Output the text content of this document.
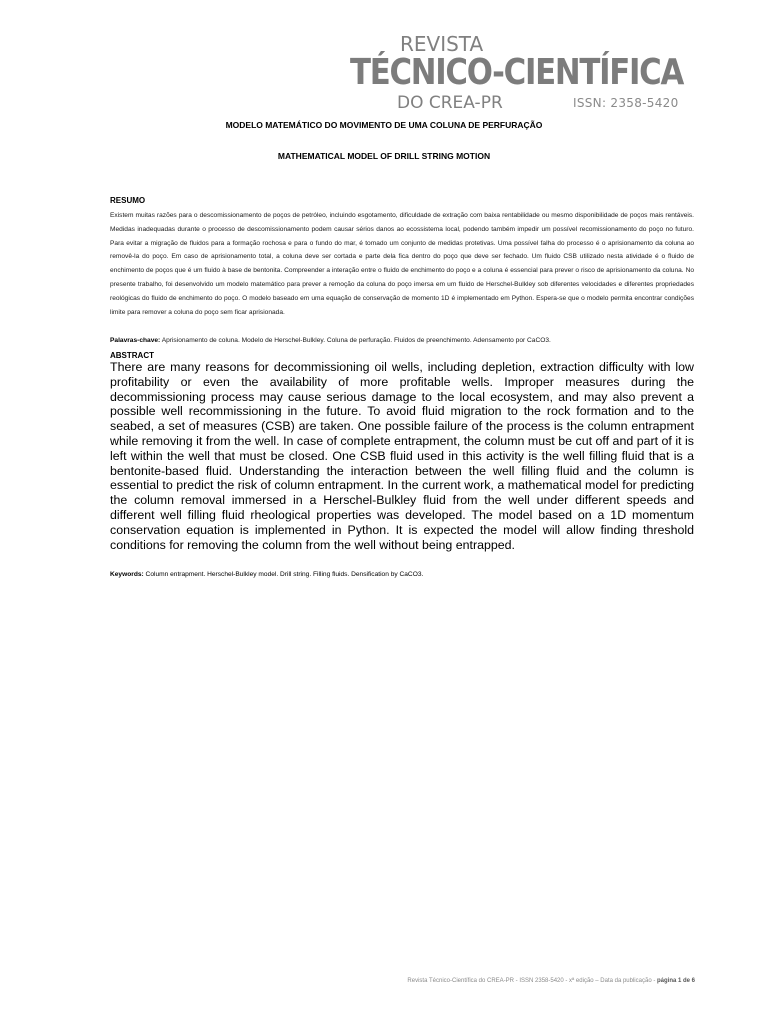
REVISTA
TÉCNICO-CIENTÍFICA
DO CREA-PR	ISSN: 2358-5420
MODELO MATEMÁTICO DO MOVIMENTO DE UMA COLUNA DE PERFURAÇÃO
MATHEMATICAL MODEL OF DRILL STRING MOTION
RESUMO
Existem muitas razões para o descomissionamento de poços de petróleo, incluindo esgotamento, dificuldade de extração com baixa rentabilidade ou mesmo disponibilidade de poços mais rentáveis. Medidas inadequadas durante o processo de descomissionamento podem causar sérios danos ao ecossistema local, podendo também impedir um possível recomissionamento do poço no futuro. Para evitar a migração de fluidos para a formação rochosa e para o fundo do mar, é tomado um conjunto de medidas protetivas. Uma possível falha do processo é o aprisionamento da coluna ao removê-la do poço. Em caso de aprisionamento total, a coluna deve ser cortada e parte dela fica dentro do poço que deve ser fechado. Um fluido CSB utilizado nesta atividade é o fluido de enchimento de poços que é um fluido à base de bentonita. Compreender a interação entre o fluido de enchimento do poço e a coluna é essencial para prever o risco de aprisionamento da coluna. No presente trabalho, foi desenvolvido um modelo matemático para prever a remoção da coluna do poço imersa em um fluido de Herschel-Bulkley sob diferentes velocidades e diferentes propriedades reológicas do fluido de enchimento do poço. O modelo baseado em uma equação de conservação de momento 1D é implementado em Python. Espera-se que o modelo permita encontrar condições limite para remover a coluna do poço sem ficar aprisionada.
Palavras-chave: Aprisionamento de coluna. Modelo de Herschel-Bulkley. Coluna de perfuração. Fluidos de preenchimento. Adensamento por CaCO3.
ABSTRACT
There are many reasons for decommissioning oil wells, including depletion, extraction difficulty with low profitability or even the availability of more profitable wells. Improper measures during the decommissioning process may cause serious damage to the local ecosystem, and may also prevent a possible well recommissioning in the future. To avoid fluid migration to the rock formation and to the seabed, a set of measures (CSB) are taken. One possible failure of the process is the column entrapment while removing it from the well. In case of complete entrapment, the column must be cut off and part of it is left within the well that must be closed. One CSB fluid used in this activity is the well filling fluid that is a bentonite-based fluid. Understanding the interaction between the well filling fluid and the column is essential to predict the risk of column entrapment. In the current work, a mathematical model for predicting the column removal immersed in a Herschel-Bulkley fluid from the well under different speeds and different well filling fluid rheological properties was developed. The model based on a 1D momentum conservation equation is implemented in Python. It is expected the model will allow finding threshold conditions for removing the column from the well without being entrapped.
Keywords: Column entrapment. Herschel-Bulkley model. Drill string. Filling fluids. Densification by CaCO3.
Revista Técnico-Científica do CREA-PR - ISSN 2358-5420 - xª edição – Data da publicação - página 1 de 6
